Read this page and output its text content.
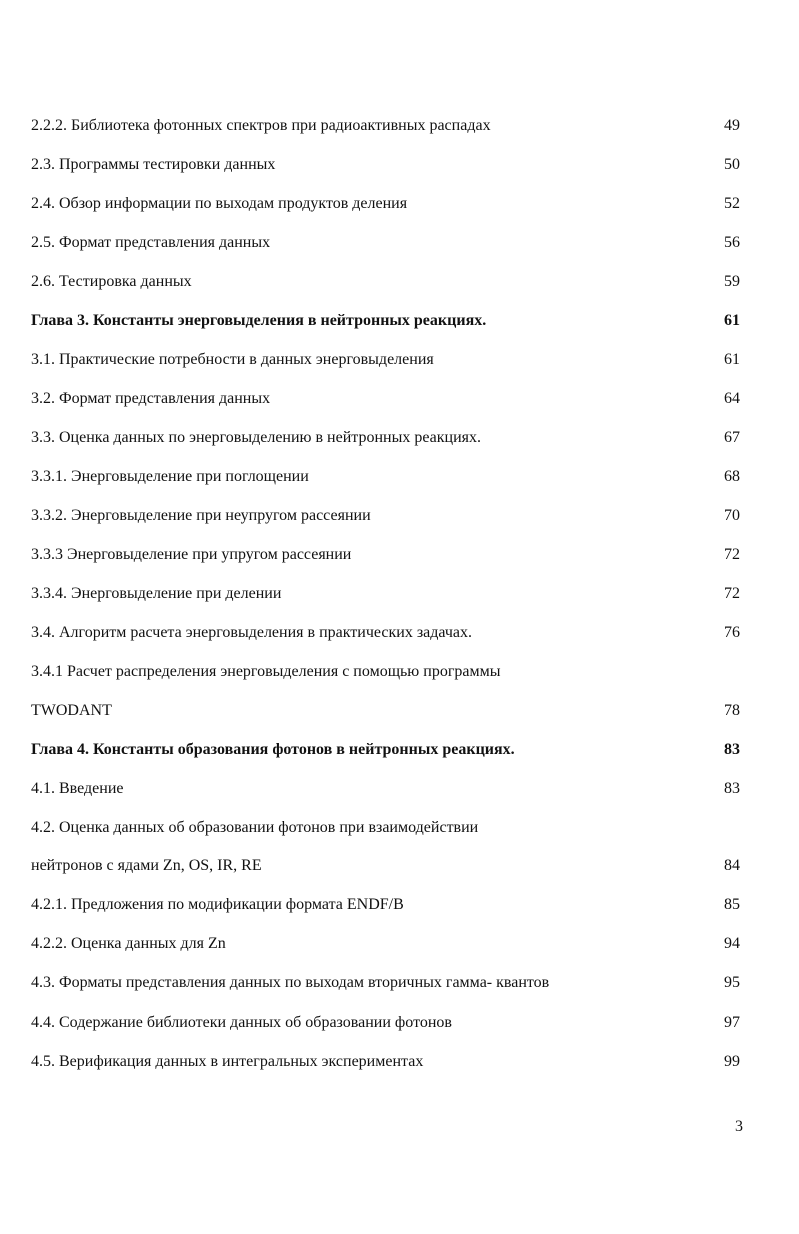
2.2.2. Библиотека фотонных спектров при радиоактивных распадах	49
2.3. Программы тестировки данных	50
2.4. Обзор информации по выходам продуктов деления	52
2.5. Формат представления данных	56
2.6. Тестировка данных	59
Глава 3. Константы энерговыделения в нейтронных реакциях.	61
3.1. Практические потребности в данных энерговыделения	61
3.2. Формат представления данных	64
3.3. Оценка данных по энерговыделению в нейтронных реакциях.	67
3.3.1. Энерговыделение при поглощении	68
3.3.2. Энерговыделение при неупругом рассеянии	70
3.3.3 Энерговыделение при упругом рассеянии	72
3.3.4. Энерговыделение при делении	72
3.4. Алгоритм расчета энерговыделения в практических задачах.	76
3.4.1 Расчет распределения энерговыделения с помощью программы
TWODANT	78
Глава 4. Константы образования фотонов в нейтронных реакциях.	83
4.1. Введение	83
4.2. Оценка данных об образовании фотонов при взаимодействии
нейтронов с ядами Zn, OS, IR, RE	84
4.2.1. Предложения по модификации формата ENDF/B	85
4.2.2. Оценка данных для Zn	94
4.3. Форматы представления данных по выходам вторичных гамма- квантов	95
4.4. Содержание библиотеки данных об образовании фотонов	97
4.5. Верификация данных в интегральных экспериментах	99
3
